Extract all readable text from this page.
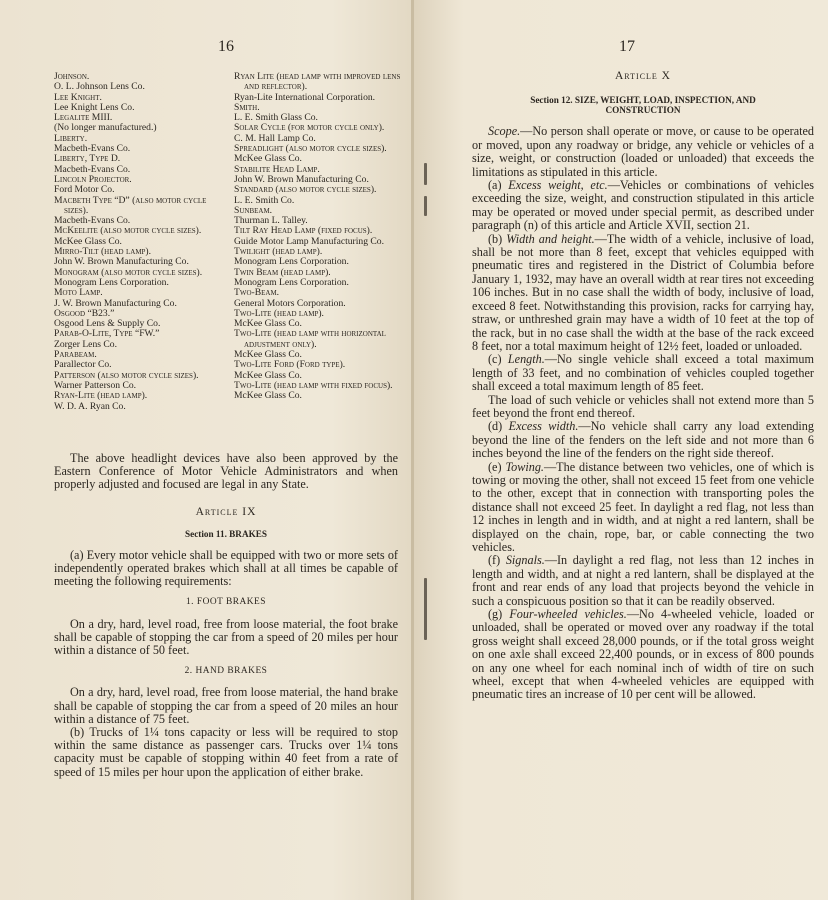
16
Johnson.
O. L. Johnson Lens Co.
Lee Knight.
Lee Knight Lens Co.
Legalite MIII.
(No longer manufactured.)
Liberty.
Macbeth-Evans Co.
Liberty, Type D.
Macbeth-Evans Co.
Lincoln Projector.
Ford Motor Co.
Macbeth Type “D” (also motor cycle sizes).
Macbeth-Evans Co.
McKeelite (also motor cycle sizes).
McKee Glass Co.
Mirro-Tilt (head lamp).
John W. Brown Manufacturing Co.
Monogram (also motor cycle sizes).
Monogram Lens Corporation.
Moto Lamp.
J. W. Brown Manufacturing Co.
Osgood “B23.”
Osgood Lens & Supply Co.
Parab-O-Lite, Type “FW.”
Zorger Lens Co.
Parabeam.
Parallector Co.
Patterson (also motor cycle sizes).
Warner Patterson Co.
Ryan-Lite (head lamp).
W. D. A. Ryan Co.
Ryan Lite (head lamp with improved lens and reflector).
Ryan-Lite International Corporation.
Smith.
L. E. Smith Glass Co.
Solar Cycle (for motor cycle only).
C. M. Hall Lamp Co.
Spreadlight (also motor cycle sizes).
McKee Glass Co.
Stabilite Head Lamp.
John W. Brown Manufacturing Co.
Standard (also motor cycle sizes).
L. E. Smith Co.
Sunbeam.
Thurman L. Talley.
Tilt Ray Head Lamp (fixed focus).
Guide Motor Lamp Manufacturing Co.
Twilight (head lamp).
Monogram Lens Corporation.
Twin Beam (head lamp).
Monogram Lens Corporation.
Two-Beam.
General Motors Corporation.
Two-Lite (head lamp).
McKee Glass Co.
Two-Lite (head lamp with horizontal adjustment only).
McKee Glass Co.
Two-Lite Ford (Ford type).
McKee Glass Co.
Two-Lite (head lamp with fixed focus).
McKee Glass Co.

The above headlight devices have also been approved by the Eastern Conference of Motor Vehicle Administrators and when properly adjusted and focused are legal in any State.

Article IX
Section 11. BRAKES

(a) Every motor vehicle shall be equipped with two or more sets of independently operated brakes which shall at all times be capable of meeting the following requirements:

1. FOOT BRAKES

On a dry, hard, level road, free from loose material, the foot brake shall be capable of stopping the car from a speed of 20 miles per hour within a distance of 50 feet.

2. HAND BRAKES

On a dry, hard, level road, free from loose material, the hand brake shall be capable of stopping the car from a speed of 20 miles an hour within a distance of 75 feet.

(b) Trucks of 1¼ tons capacity or less will be required to stop within the same distance as passenger cars. Trucks over 1¼ tons capacity must be capable of stopping within 40 feet from a rate of speed of 15 miles per hour upon the application of either brake.

17
Article X
Section 12. SIZE, WEIGHT, LOAD, INSPECTION, AND CONSTRUCTION

Scope.—No person shall operate or move, or cause to be operated or moved, upon any roadway or bridge, any vehicle or vehicles of a size, weight, or construction (loaded or unloaded) that exceeds the limitations as stipulated in this article.

(a) Excess weight, etc.—Vehicles or combinations of vehicles exceeding the size, weight, and construction stipulated in this article may be operated or moved under special permit, as described under paragraph (n) of this article and Article XVII, section 21.

(b) Width and height.—The width of a vehicle, inclusive of load, shall be not more than 8 feet, except that vehicles equipped with pneumatic tires and registered in the District of Columbia before January 1, 1932, may have an overall width at rear tires not exceeding 106 inches. But in no case shall the width of body, inclusive of load, exceed 8 feet. Notwithstanding this provision, racks for carrying hay, straw, or unthreshed grain may have a width of 10 feet at the top of the rack, but in no case shall the width at the base of the rack exceed 8 feet, nor a total maximum height of 12½ feet, loaded or unloaded.

(c) Length.—No single vehicle shall exceed a total maximum length of 33 feet, and no combination of vehicles coupled together shall exceed a total maximum length of 85 feet.

The load of such vehicle or vehicles shall not extend more than 5 feet beyond the front end thereof.

(d) Excess width.—No vehicle shall carry any load extending beyond the line of the fenders on the left side and not more than 6 inches beyond the line of the fenders on the right side thereof.

(e) Towing.—The distance between two vehicles, one of which is towing or moving the other, shall not exceed 15 feet from one vehicle to the other, except that in connection with transporting poles the distance shall not exceed 25 feet. In daylight a red flag, not less than 12 inches in length and in width, and at night a red lantern, shall be displayed on the chain, rope, bar, or cable connecting the two vehicles.

(f) Signals.—In daylight a red flag, not less than 12 inches in length and width, and at night a red lantern, shall be displayed at the front and rear ends of any load that projects beyond the vehicle in such a conspicuous position so that it can be readily observed.

(g) Four-wheeled vehicles.—No 4-wheeled vehicle, loaded or unloaded, shall be operated or moved over any roadway if the total gross weight shall exceed 28,000 pounds, or if the total gross weight on one axle shall exceed 22,400 pounds, or in excess of 800 pounds on any one wheel for each nominal inch of width of tire on such wheel, except that when 4-wheeled vehicles are equipped with pneumatic tires an increase of 10 per cent will be allowed.
